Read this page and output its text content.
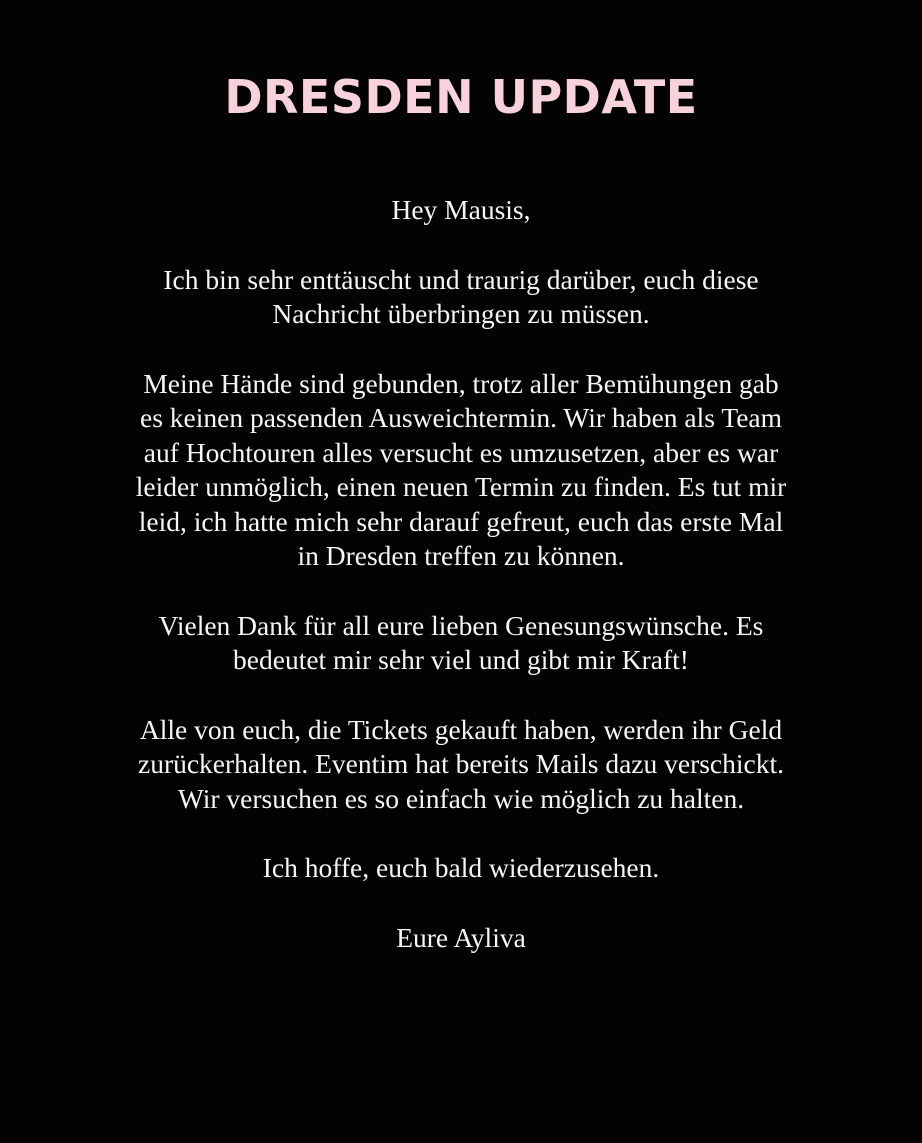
DRESDEN UPDATE

Hey Mausis,

Ich bin sehr enttäuscht und traurig darüber, euch diese
Nachricht überbringen zu müssen.

Meine Hände sind gebunden, trotz aller Bemühungen gab
es keinen passenden Ausweichtermin. Wir haben als Team
auf Hochtouren alles versucht es umzusetzen, aber es war
leider unmöglich, einen neuen Termin zu finden. Es tut mir
leid, ich hatte mich sehr darauf gefreut, euch das erste Mal
in Dresden treffen zu können.

Vielen Dank für all eure lieben Genesungswünsche. Es
bedeutet mir sehr viel und gibt mir Kraft!

Alle von euch, die Tickets gekauft haben, werden ihr Geld
zurückerhalten. Eventim hat bereits Mails dazu verschickt.
Wir versuchen es so einfach wie möglich zu halten.

Ich hoffe, euch bald wiederzusehen.

Eure Ayliva
